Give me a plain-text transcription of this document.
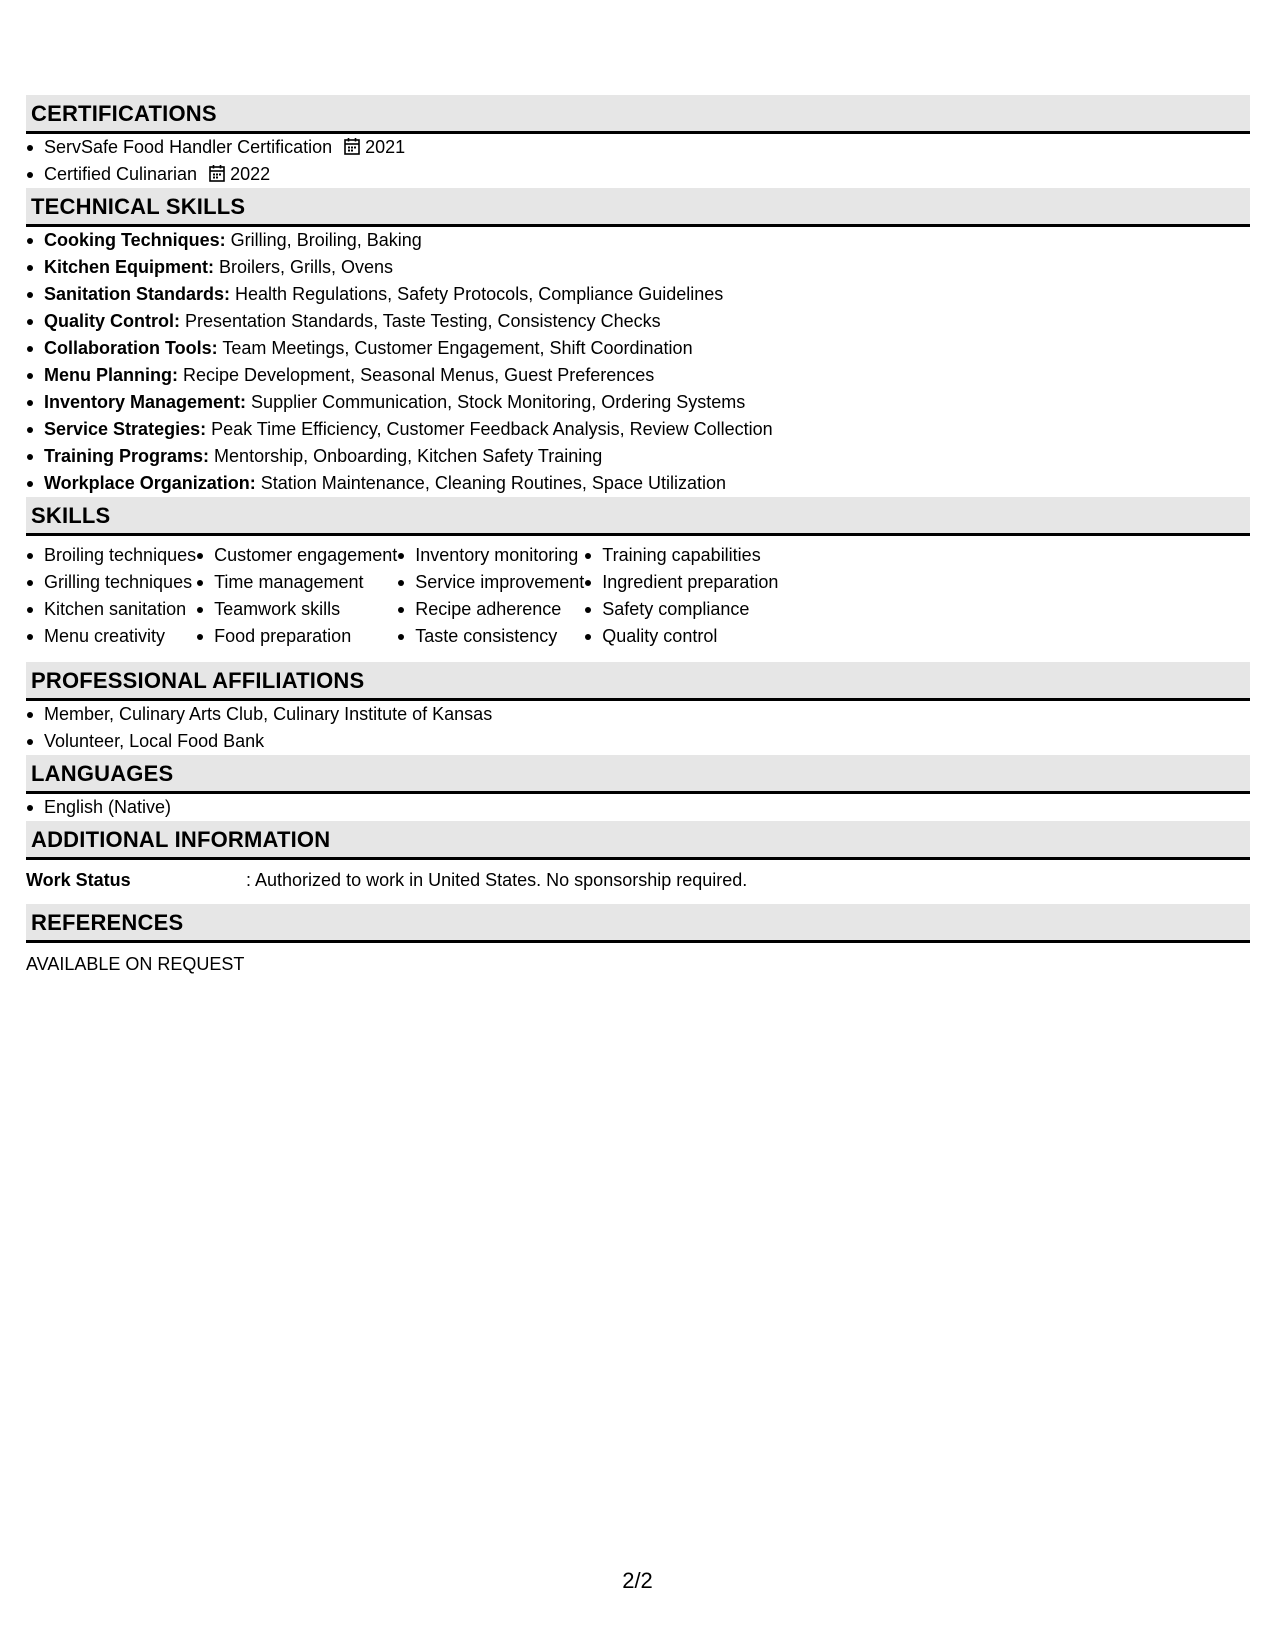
CERTIFICATIONS
ServSafe Food Handler Certification 2021
Certified Culinarian 2022
TECHNICAL SKILLS
Cooking Techniques: Grilling, Broiling, Baking
Kitchen Equipment: Broilers, Grills, Ovens
Sanitation Standards: Health Regulations, Safety Protocols, Compliance Guidelines
Quality Control: Presentation Standards, Taste Testing, Consistency Checks
Collaboration Tools: Team Meetings, Customer Engagement, Shift Coordination
Menu Planning: Recipe Development, Seasonal Menus, Guest Preferences
Inventory Management: Supplier Communication, Stock Monitoring, Ordering Systems
Service Strategies: Peak Time Efficiency, Customer Feedback Analysis, Review Collection
Training Programs: Mentorship, Onboarding, Kitchen Safety Training
Workplace Organization: Station Maintenance, Cleaning Routines, Space Utilization
SKILLS
Broiling techniques
Grilling techniques
Kitchen sanitation
Menu creativity
Customer engagement
Time management
Teamwork skills
Food preparation
Inventory monitoring
Service improvement
Recipe adherence
Taste consistency
Training capabilities
Ingredient preparation
Safety compliance
Quality control
PROFESSIONAL AFFILIATIONS
Member, Culinary Arts Club, Culinary Institute of Kansas
Volunteer, Local Food Bank
LANGUAGES
English (Native)
ADDITIONAL INFORMATION
Work Status	: Authorized to work in United States. No sponsorship required.
REFERENCES
AVAILABLE ON REQUEST
2/2
